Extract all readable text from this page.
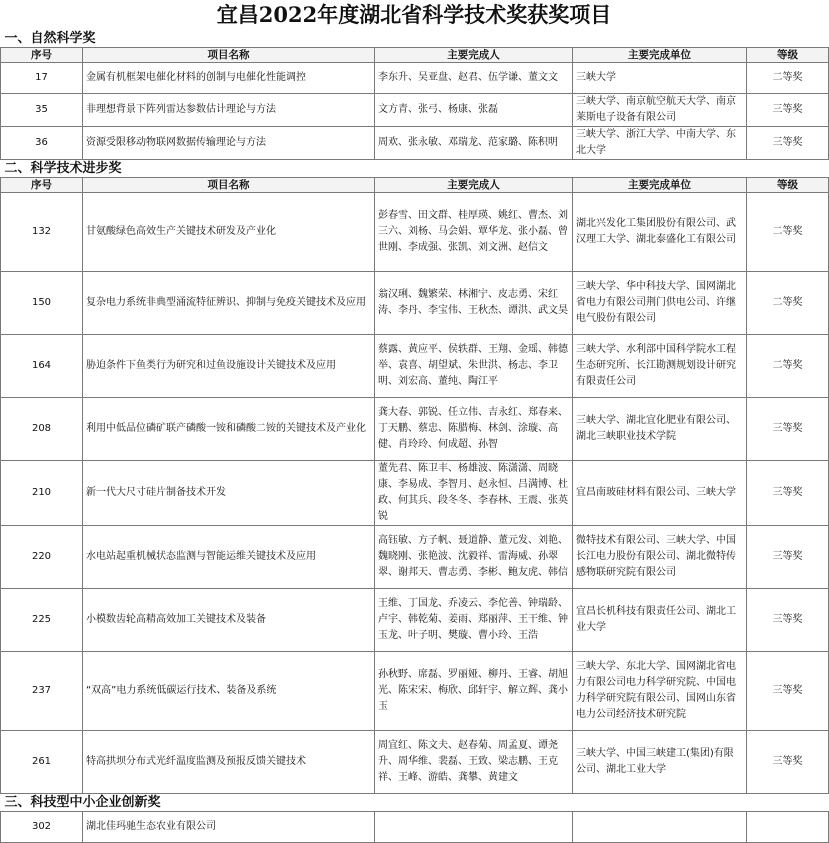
宜昌2022年度湖北省科学技术奖获奖项目
一、自然科学奖				
序号	项目名称	主要完成人	主要完成单位	等级
17	金属有机框架电催化材料的创制与电催化性能调控	李东升、吴亚盘、赵君、伍学谦、董文文	三峡大学	二等奖
35	非理想背景下阵列雷达参数估计理论与方法	文方青、张弓、杨康、张磊	三峡大学、南京航空航天大学、南京莱斯电子设备有限公司	三等奖
36	资源受限移动物联网数据传输理论与方法	周欢、张永敏、邓瑞龙、范家璐、陈积明	三峡大学、浙江大学、中南大学、东北大学	三等奖
二、科学技术进步奖				
序号	项目名称	主要完成人	主要完成单位	等级
132	甘氨酸绿色高效生产关键技术研发及产业化	彭春雪、田文群、桂厚瑛、姚红、曹杰、刘三六、刘杨、马会娟、覃华龙、张小磊、曾世刚、李成强、张凯、刘文洲、赵信文	湖北兴发化工集团股份有限公司、武汉理工大学、湖北泰盛化工有限公司	二等奖
150	复杂电力系统非典型涌流特征辨识、抑制与免疫关键技术及应用	翁汉琍、魏繁荣、林湘宁、皮志勇、宋红涛、李丹、李宝伟、王秋杰、谭洪、武文昊	三峡大学、华中科技大学、国网湖北省电力有限公司荆门供电公司、许继电气股份有限公司	二等奖
164	胁迫条件下鱼类行为研究和过鱼设施设计关键技术及应用	蔡露、黄应平、侯轶群、王翔、金瑶、韩德举、袁喜、胡望斌、朱世洪、杨志、李卫明、刘宏高、董纯、陶江平	三峡大学、水利部中国科学院水工程生态研究所、长江勘测规划设计研究有限责任公司	二等奖
208	利用中低品位磷矿联产磷酸一铵和磷酸二铵的关键技术及产业化	龚大春、郭锐、任立伟、吉永红、郑春来、丁天鹏、蔡忠、陈腊梅、林剑、涂璇、高健、肖玲玲、何成超、孙智	三峡大学、湖北宜化肥业有限公司、湖北三峡职业技术学院	三等奖
210	新一代大尺寸硅片制备技术开发	董先君、陈卫丰、杨雄波、陈潇潇、周晓康、李易成、李智月、赵永恒、吕满博、杜政、何其兵、段冬冬、李春林、王震、张英锐	宜昌南玻硅材料有限公司、三峡大学	三等奖
220	水电站起重机械状态监测与智能运维关键技术及应用	高钰敏、方子帆、聂道静、董元发、刘艳、魏晓刚、张艳波、沈毅祥、雷海威、孙翠翠、谢邦天、曹志勇、李彬、鲍友虎、韩信	微特技术有限公司、三峡大学、中国长江电力股份有限公司、湖北微特传感物联研究院有限公司	三等奖
225	小模数齿轮高精高效加工关键技术及装备	王维、丁国龙、乔凌云、李佗善、钟瑞龄、卢宇、韩乾菊、姜雨、郑丽萍、王干维、钟玉龙、叶子明、樊璇、曹小玲、王浩	宜昌长机科技有限责任公司、湖北工业大学	三等奖
237	“双高”电力系统低碳运行技术、装备及系统	孙秋野、席磊、罗丽娅、柳丹、王睿、胡旭光、陈宋宋、梅欣、邱轩宇、解立辉、龚小玉	三峡大学、东北大学、国网湖北省电力有限公司电力科学研究院、中国电力科学研究院有限公司、国网山东省电力公司经济技术研究院	三等奖
261	特高拱坝分布式光纤温度监测及预报反馈关键技术	周宜红、陈文夫、赵春菊、周孟夏、谭尧升、周华维、裴磊、王致、梁志鹏、王克祥、王峰、游皓、龚攀、黄建文	三峡大学、中国三峡建工(集团)有限公司、湖北工业大学	三等奖
三、科技型中小企业创新奖				
302	湖北佳玛驰生态农业有限公司			
